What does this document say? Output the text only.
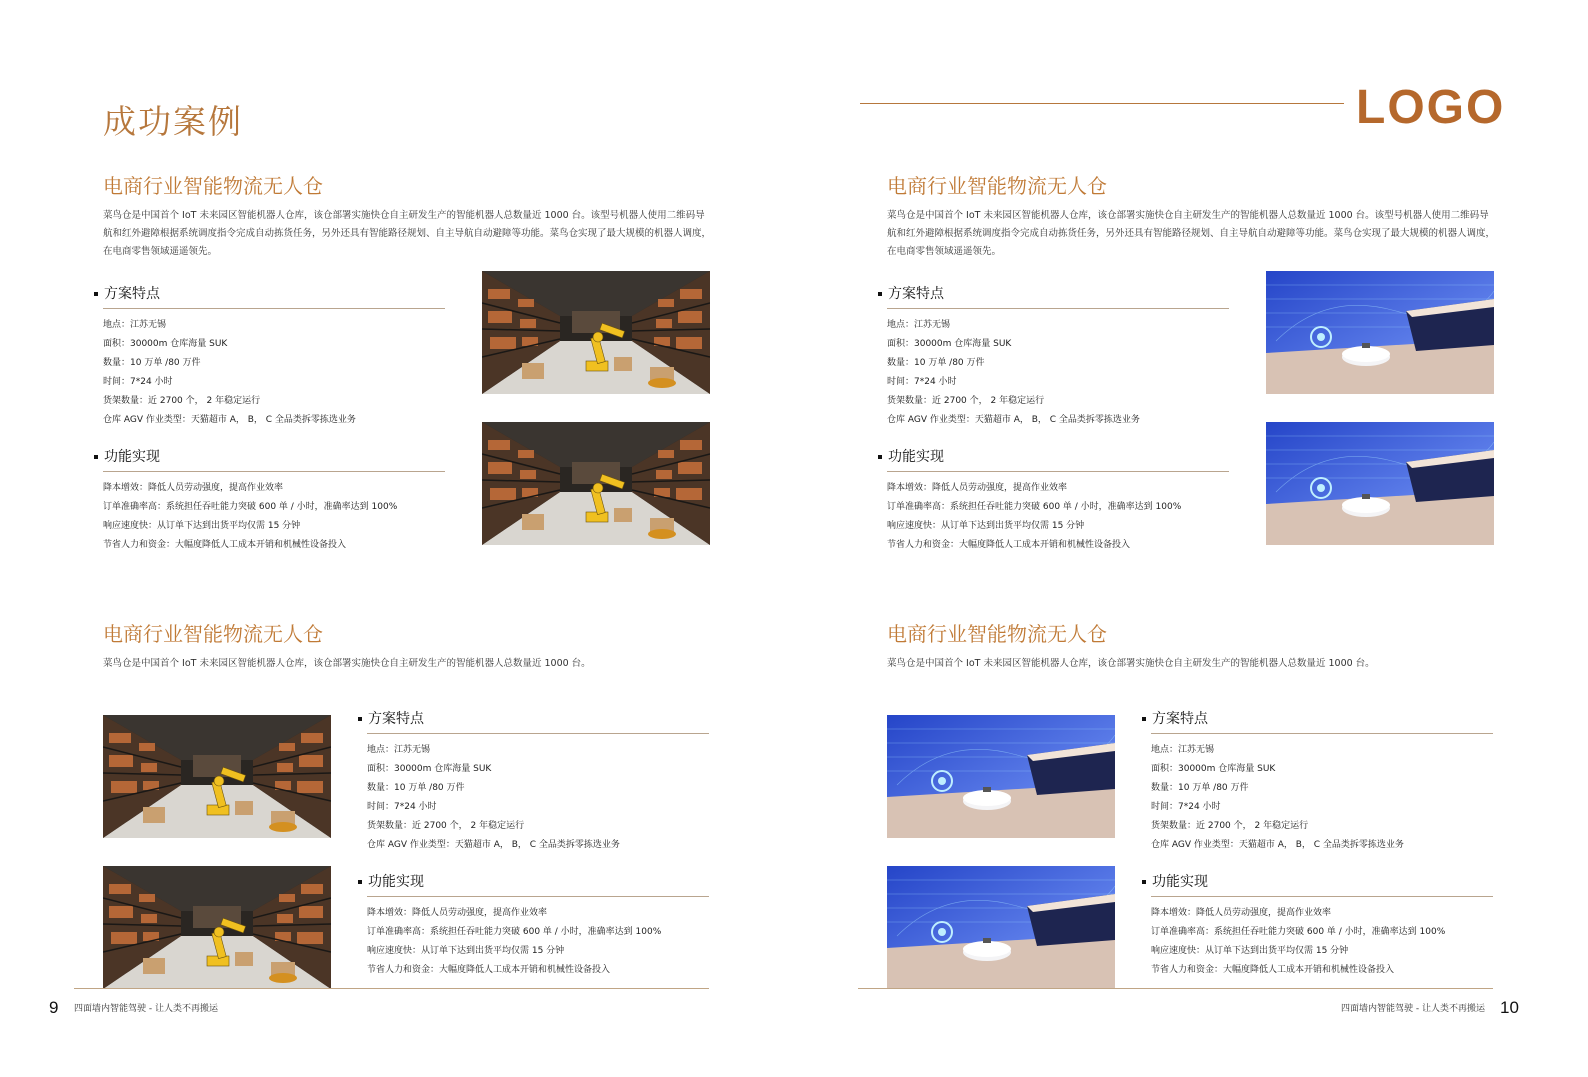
成功案例	LOGO
电商行业智能物流无人仓
菜鸟仓是中国首个 IoT 未来园区智能机器人仓库，该仓部署实施快仓自主研发生产的智能机器人总数量近 1000 台。该型号机器人使用二维码导航和红外避障根据系统调度指令完成自动拣货任务，另外还具有智能路径规划、自主导航自动避障等功能。菜鸟仓实现了最大规模的机器人调度，在电商零售领域遥遥领先。
方案特点
地点：江苏无锡
面积：30000m 仓库海量 SUK
数量：10 万单 /80 万件
时间：7*24 小时
货架数量：近 2700 个， 2 年稳定运行
仓库 AGV 作业类型：天猫超市 A， B， C 全品类拆零拣选业务
功能实现
降本增效：降低人员劳动强度，提高作业效率
订单准确率高：系统担任吞吐能力突破 600 单 / 小时，准确率达到 100%
响应速度快：从订单下达到出货平均仅需 15 分钟
节省人力和资金：大幅度降低人工成本开销和机械性设备投入
电商行业智能物流无人仓
菜鸟仓是中国首个 IoT 未来园区智能机器人仓库，该仓部署实施快仓自主研发生产的智能机器人总数量近 1000 台。该型号机器人使用二维码导航和红外避障根据系统调度指令完成自动拣货任务，另外还具有智能路径规划、自主导航自动避障等功能。菜鸟仓实现了最大规模的机器人调度，在电商零售领域遥遥领先。
方案特点
地点：江苏无锡
面积：30000m 仓库海量 SUK
数量：10 万单 /80 万件
时间：7*24 小时
货架数量：近 2700 个， 2 年稳定运行
仓库 AGV 作业类型：天猫超市 A， B， C 全品类拆零拣选业务
功能实现
降本增效：降低人员劳动强度，提高作业效率
订单准确率高：系统担任吞吐能力突破 600 单 / 小时，准确率达到 100%
响应速度快：从订单下达到出货平均仅需 15 分钟
节省人力和资金：大幅度降低人工成本开销和机械性设备投入
电商行业智能物流无人仓
菜鸟仓是中国首个 IoT 未来园区智能机器人仓库，该仓部署实施快仓自主研发生产的智能机器人总数量近 1000 台。
方案特点
地点：江苏无锡
面积：30000m 仓库海量 SUK
数量：10 万单 /80 万件
时间：7*24 小时
货架数量：近 2700 个， 2 年稳定运行
仓库 AGV 作业类型：天猫超市 A， B， C 全品类拆零拣选业务
功能实现
降本增效：降低人员劳动强度，提高作业效率
订单准确率高：系统担任吞吐能力突破 600 单 / 小时，准确率达到 100%
响应速度快：从订单下达到出货平均仅需 15 分钟
节省人力和资金：大幅度降低人工成本开销和机械性设备投入
电商行业智能物流无人仓
菜鸟仓是中国首个 IoT 未来园区智能机器人仓库，该仓部署实施快仓自主研发生产的智能机器人总数量近 1000 台。
方案特点
地点：江苏无锡
面积：30000m 仓库海量 SUK
数量：10 万单 /80 万件
时间：7*24 小时
货架数量：近 2700 个， 2 年稳定运行
仓库 AGV 作业类型：天猫超市 A， B， C 全品类拆零拣选业务
功能实现
降本增效：降低人员劳动强度，提高作业效率
订单准确率高：系统担任吞吐能力突破 600 单 / 小时，准确率达到 100%
响应速度快：从订单下达到出货平均仅需 15 分钟
节省人力和资金：大幅度降低人工成本开销和机械性设备投入
9 四面墙内智能驾驶 - 让人类不再搬运	四面墙内智能驾驶 - 让人类不再搬运 10
